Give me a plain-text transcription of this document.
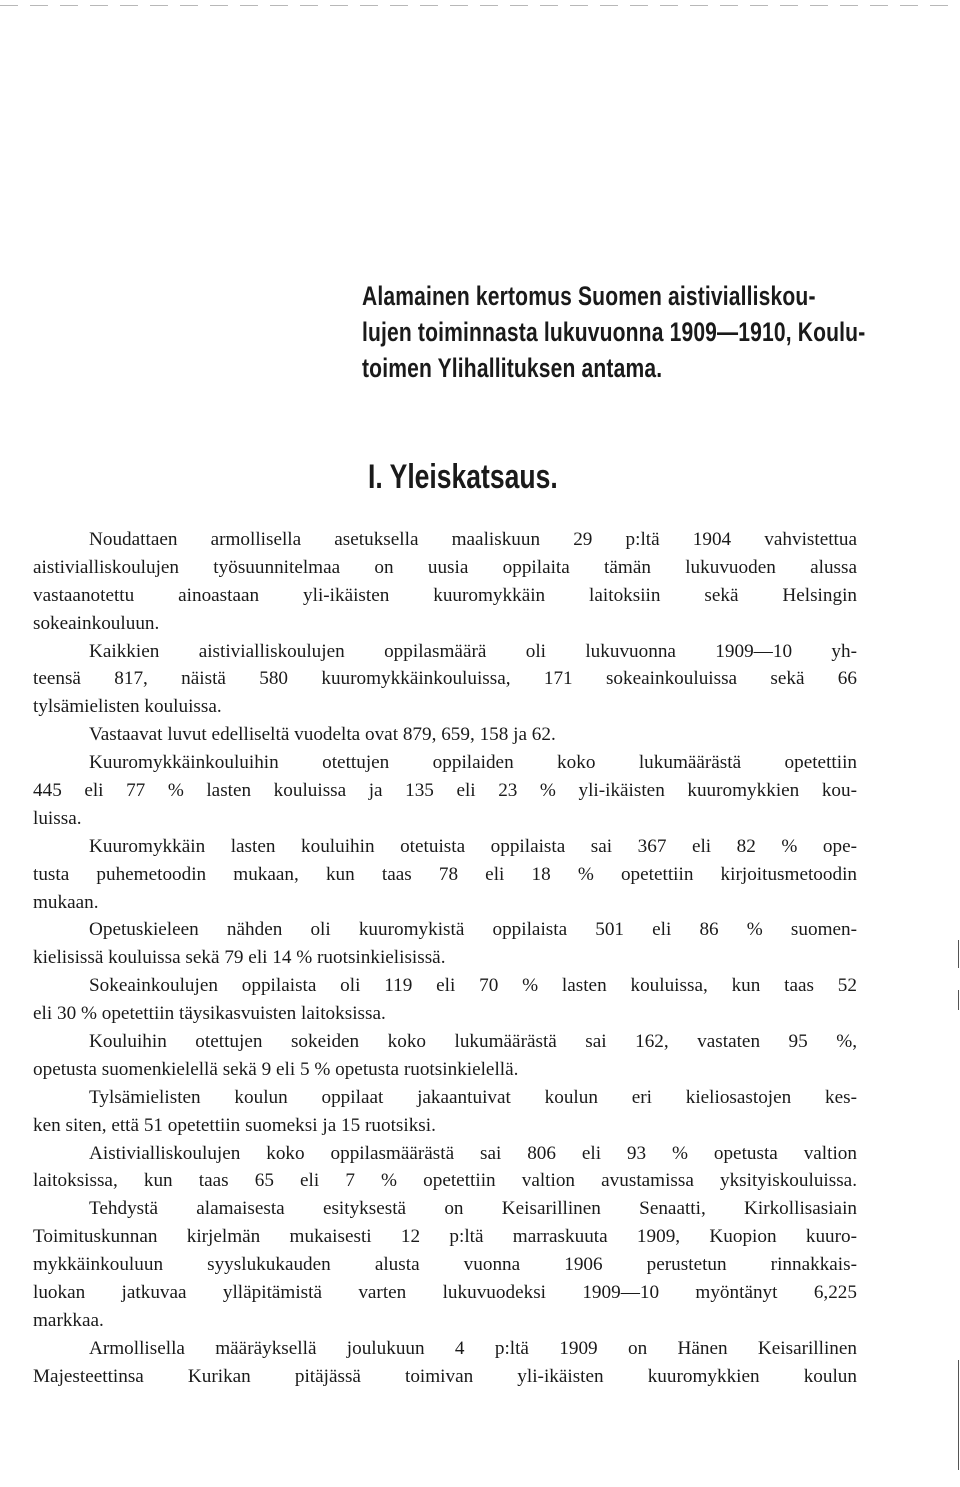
Alamainen kertomus Suomen aistivialliskou-
lujen toiminnasta lukuvuonna 1909—1910, Koulu-
toimen Ylihallituksen antama.
I. Yleiskatsaus.
Noudattaen armollisella asetuksella maaliskuun 29 p:ltä 1904 vahvistettua
aistivialliskoulujen työsuunnitelmaa on uusia oppilaita tämän lukuvuoden alussa
vastaanotettu ainoastaan yli-ikäisten kuuromykkäin laitoksiin sekä Helsingin
sokeainkouluun.
Kaikkien aistivialliskoulujen oppilasmäärä oli lukuvuonna 1909—10 yh-
teensä 817, näistä 580 kuuromykkäinkouluissa, 171 sokeainkouluissa sekä 66
tylsämielisten kouluissa.
Vastaavat luvut edelliseltä vuodelta ovat 879, 659, 158 ja 62.
Kuuromykkäinkouluihin otettujen oppilaiden koko lukumäärästä opetettiin
445 eli 77 % lasten kouluissa ja 135 eli 23 % yli-ikäisten kuuromykkien kou-
luissa.
Kuuromykkäin lasten kouluihin otetuista oppilaista sai 367 eli 82 % ope-
tusta puhemetoodin mukaan, kun taas 78 eli 18 % opetettiin kirjoitusmetoodin
mukaan.
Opetuskieleen nähden oli kuuromykistä oppilaista 501 eli 86 % suomen-
kielisissä kouluissa sekä 79 eli 14 % ruotsinkielisissä.
Sokeainkoulujen oppilaista oli 119 eli 70 % lasten kouluissa, kun taas 52
eli 30 % opetettiin täysikasvuisten laitoksissa.
Kouluihin otettujen sokeiden koko lukumäärästä sai 162, vastaten 95 %,
opetusta suomenkielellä sekä 9 eli 5 % opetusta ruotsinkielellä.
Tylsämielisten koulun oppilaat jakaantuivat koulun eri kieliosastojen kes-
ken siten, että 51 opetettiin suomeksi ja 15 ruotsiksi.
Aistivialliskoulujen koko oppilasmäärästä sai 806 eli 93 % opetusta valtion
laitoksissa, kun taas 65 eli 7 % opetettiin valtion avustamissa yksityiskouluissa.
Tehdystä alamaisesta esityksestä on Keisarillinen Senaatti, Kirkollisasiain
Toimituskunnan kirjelmän mukaisesti 12 p:ltä marraskuuta 1909, Kuopion kuuro-
mykkäinkouluun syyslukukauden alusta vuonna 1906 perustetun rinnakkais-
luokan jatkuvaa ylläpitämistä varten lukuvuodeksi 1909—10 myöntänyt 6,225
markkaa.
Armollisella määräyksellä joulukuun 4 p:ltä 1909 on Hänen Keisarillinen
Majesteettinsa Kurikan pitäjässä toimivan yli-ikäisten kuuromykkien koulun
